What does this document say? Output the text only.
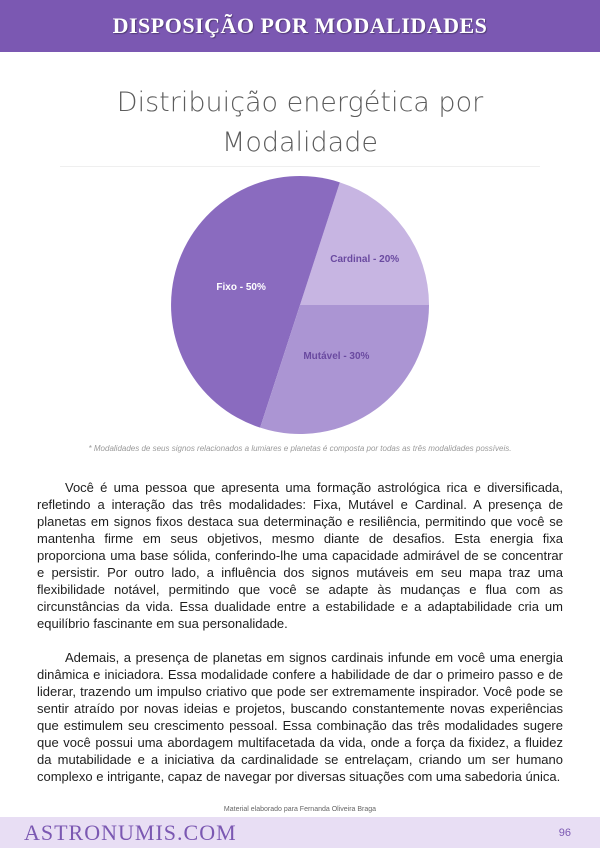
DISPOSIÇÃO POR MODALIDADES
Distribuição energética por Modalidade
Cardinal - 20%
Fixo - 50%
Mutável - 30%
* Modalidades de seus signos relacionados a lumiares e planetas é composta por todas as três modalidades possíveis.

Você é uma pessoa que apresenta uma formação astrológica rica e diversificada, refletindo a interação das três modalidades: Fixa, Mutável e Cardinal. A presença de planetas em signos fixos destaca sua determinação e resiliência, permitindo que você se mantenha firme em seus objetivos, mesmo diante de desafios. Esta energia fixa proporciona uma base sólida, conferindo-lhe uma capacidade admirável de se concentrar e persistir. Por outro lado, a influência dos signos mutáveis em seu mapa traz uma flexibilidade notável, permitindo que você se adapte às mudanças e flua com as circunstâncias da vida. Essa dualidade entre a estabilidade e a adaptabilidade cria um equilíbrio fascinante em sua personalidade.

Ademais, a presença de planetas em signos cardinais infunde em você uma energia dinâmica e iniciadora. Essa modalidade confere a habilidade de dar o primeiro passo e de liderar, trazendo um impulso criativo que pode ser extremamente inspirador. Você pode se sentir atraído por novas ideias e projetos, buscando constantemente novas experiências que estimulem seu crescimento pessoal. Essa combinação das três modalidades sugere que você possui uma abordagem multifacetada da vida, onde a força da fixidez, a fluidez da mutabilidade e a iniciativa da cardinalidade se entrelaçam, criando um ser humano complexo e intrigante, capaz de navegar por diversas situações com uma sabedoria única.

Material elaborado para Fernanda Oliveira Braga
ASTRONUMIS.COM	96
